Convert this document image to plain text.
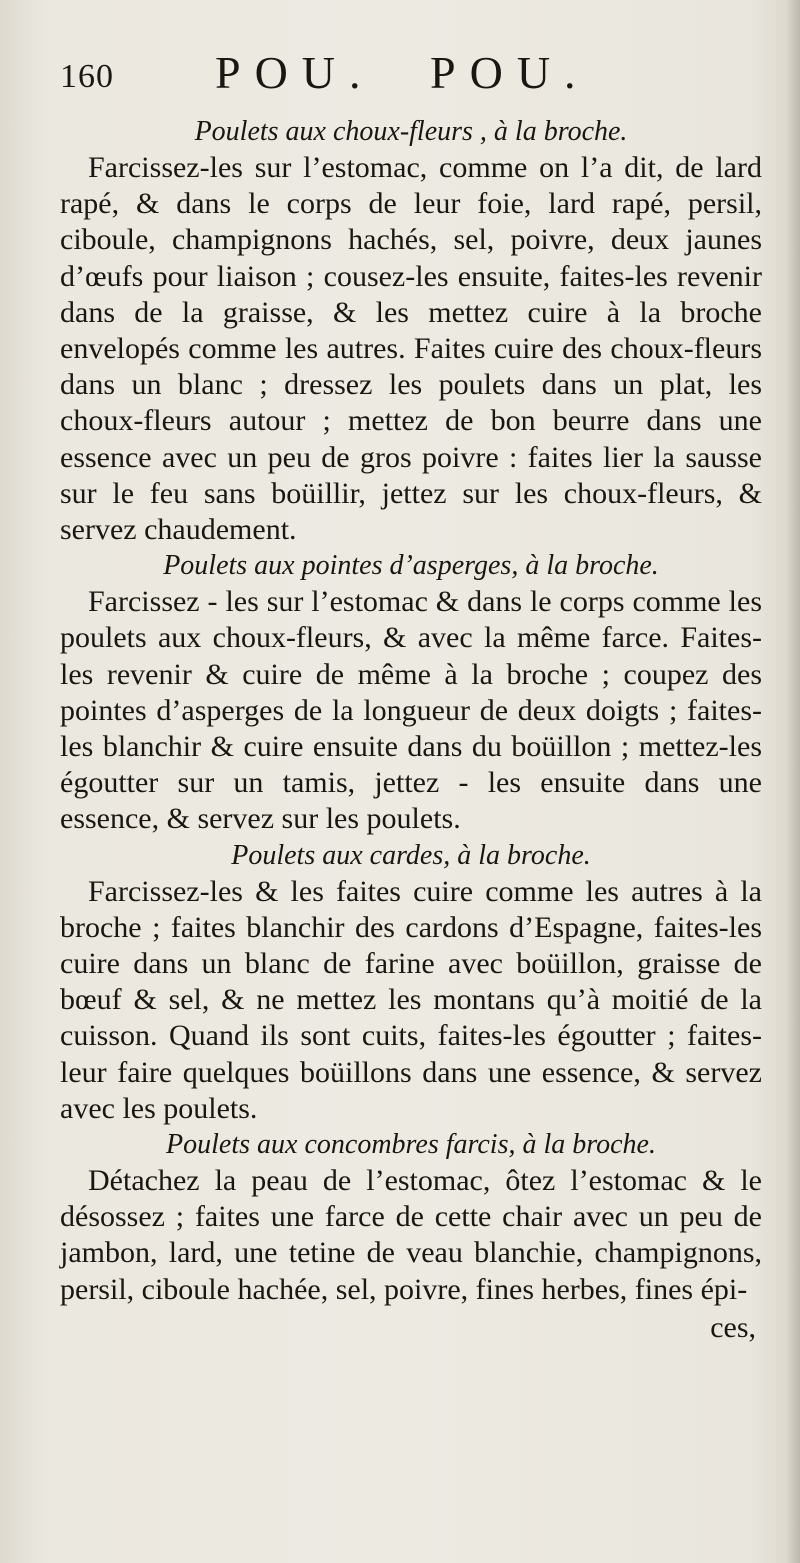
160 POU. POU.

Poulets aux choux-fleurs , à la broche.

Farcissez-les sur l’estomac, comme on l’a dit, de lard rapé, & dans le corps de leur foie, lard rapé, persil, ciboule, champignons hachés, sel, poivre, deux jaunes d’œufs pour liaison ; cousez-les ensuite, faites-les revenir dans de la graisse, & les mettez cuire à la broche envelopés comme les autres. Faites cuire des choux-fleurs dans un blanc ; dressez les poulets dans un plat, les choux-fleurs autour ; mettez de bon beurre dans une essence avec un peu de gros poivre : faites lier la sausse sur le feu sans boüillir, jettez sur les choux-fleurs, & servez chaudement.

Poulets aux pointes d’asperges, à la broche.

Farcissez - les sur l’estomac & dans le corps comme les poulets aux choux-fleurs, & avec la même farce. Faites-les revenir & cuire de même à la broche ; coupez des pointes d’asperges de la longueur de deux doigts ; faites-les blanchir & cuire ensuite dans du boüillon ; mettez-les égoutter sur un tamis, jettez - les ensuite dans une essence, & servez sur les poulets.

Poulets aux cardes, à la broche.

Farcissez-les & les faites cuire comme les autres à la broche ; faites blanchir des cardons d’Espagne, faites-les cuire dans un blanc de farine avec boüillon, graisse de bœuf & sel, & ne mettez les montans qu’à moitié de la cuisson. Quand ils sont cuits, faites-les égoutter ; faites-leur faire quelques boüillons dans une essence, & servez avec les poulets.

Poulets aux concombres farcis, à la broche.

Détachez la peau de l’estomac, ôtez l’estomac & le désossez ; faites une farce de cette chair avec un peu de jambon, lard, une tetine de veau blanchie, champignons, persil, ciboule hachée, sel, poivre, fines herbes, fines épi-

ces,
